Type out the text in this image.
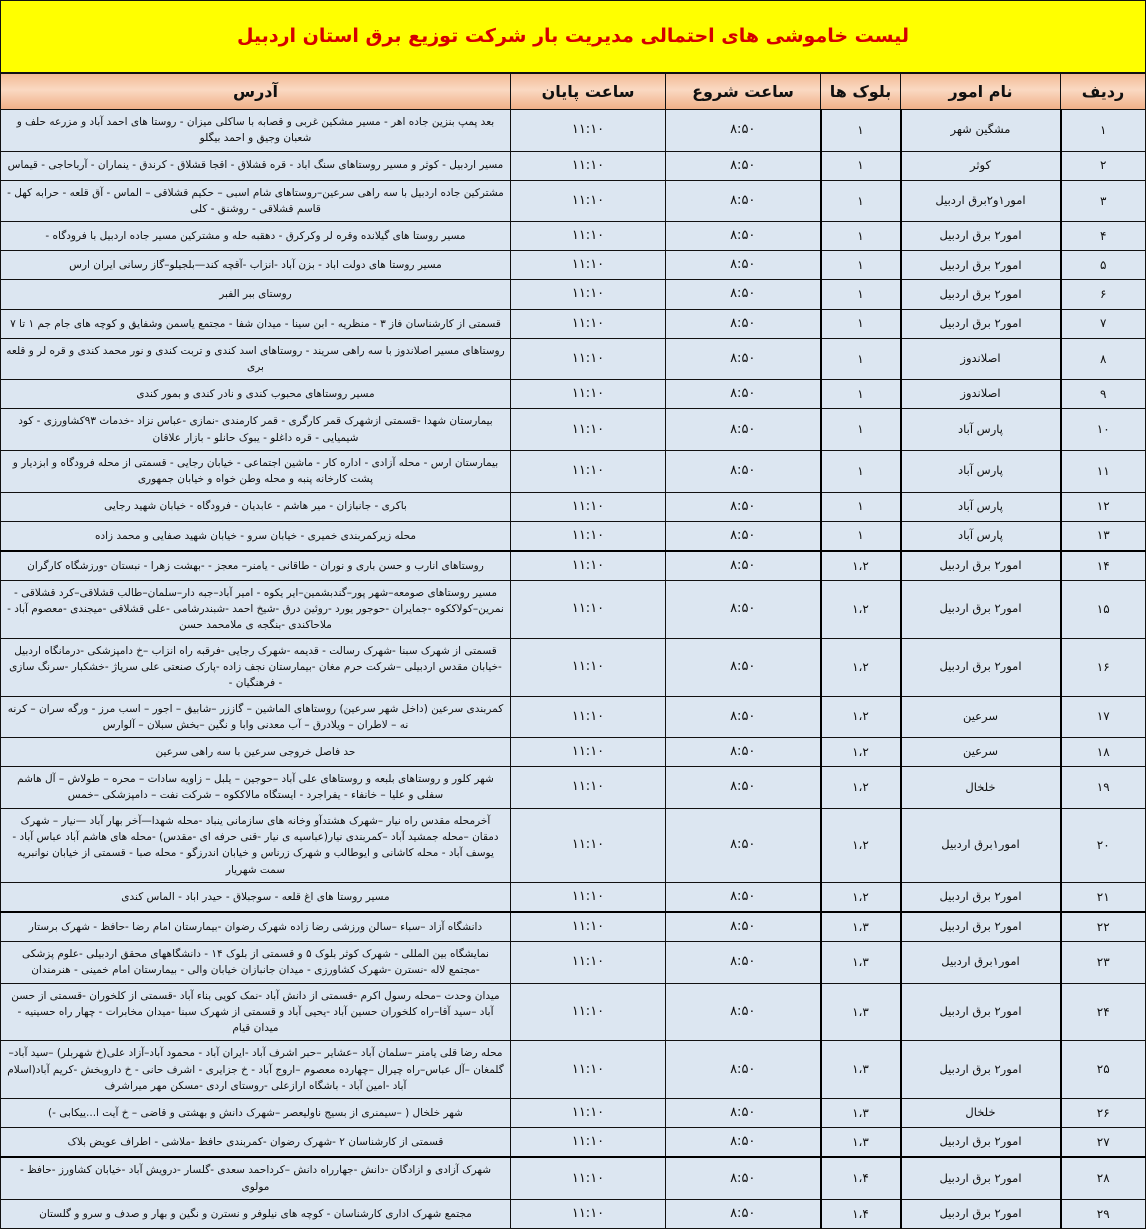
لیست خاموشی های احتمالی مدیریت بار شرکت توزیع برق استان اردبیل					

ردیف	نام امور	بلوک ها	ساعت شروع	ساعت پایان	آدرس
۱	مشگین شهر	۱	۸:۵۰	۱۱:۱۰	بعد پمپ بنزین جاده اهر - مسیر مشکین غربی و قصابه با ساکلی میزان - روستا های احمد آباد و مزرعه حلف و شعبان وجیق و احمد بیگلو
۲	کوثر	۱	۸:۵۰	۱۱:۱۰	مسیر اردبیل - کوثر و مسیر روستاهای سنگ اباد - قره قشلاق - اقجا قشلاق - کرندق - ینماران - آرباحاجی - قیماس
۳	امور۱و۲برق اردبیل	۱	۸:۵۰	۱۱:۱۰	مشترکین جاده اردبیل با سه راهی سرعین–روستاهای شام اسبی – حکیم قشلاقی – الماس - آق قلعه - حرابه کهل - قاسم قشلاقی - روشنق - کلی
۴	امور۲ برق اردبیل	۱	۸:۵۰	۱۱:۱۰	مسیر روستا های گیلانده وقره لر وکرکرق - دهقبه حله و مشترکین مسیر جاده اردبیل با فرودگاه -
۵	امور۲ برق اردبیل	۱	۸:۵۰	۱۱:۱۰	مسیر روستا های دولت اباد - بزن آباد -انزاب -آقچه کند—بلجیلو–گاز رسانی ایران ارس
۶	امور۲ برق اردبیل	۱	۸:۵۰	۱۱:۱۰	روستای ببر الفبر
۷	امور۲ برق اردبیل	۱	۸:۵۰	۱۱:۱۰	قسمتی از کارشناسان فاز ۳ - منظریه - ابن سینا - میدان شفا - مجتمع یاسمن وشفایق و کوچه های جام جم ۱ تا ۷
۸	اصلاندوز	۱	۸:۵۰	۱۱:۱۰	روستاهای مسیر اصلاندوز با سه راهی سریند - روستاهای اسد کندی و تربت کندی و نور محمد کندی و قره لر و قلعه بری
۹	اصلاندوز	۱	۸:۵۰	۱۱:۱۰	مسیر روستاهای محبوب کندی و نادر کندی و بمور کندی
۱۰	پارس آباد	۱	۸:۵۰	۱۱:۱۰	بیمارستان شهدا -قسمتی ازشهرک قمر کارگری - قمر کارمندی -نمازی -عباس نزاد -خدمات ۹۳کشاورزی - کود شیمیایی - قره داغلو - یبوک حانلو - بازار علاقان
۱۱	پارس آباد	۱	۸:۵۰	۱۱:۱۰	بیمارستان ارس - محله آزادی - اداره کار - ماشین اجتماعی - خیابان رجایی - قسمتی از محله فرودگاه و ابزدیار و پشت کارخانه پنبه و محله وطن خواه و خیابان جمهوری
۱۲	پارس آباد	۱	۸:۵۰	۱۱:۱۰	باکری - جانبازان - میر هاشم - عابدیان - فرودگاه - خیابان شهید رجایی
۱۳	پارس آباد	۱	۸:۵۰	۱۱:۱۰	محله زیرکمربندی خمیری - خیابان سرو - خیابان شهید صفایی و محمد زاده
۱۴	امور۲ برق اردبیل	۱،۲	۸:۵۰	۱۱:۱۰	روستاهای انارب و حسن باری و نوران - طاقانی - یامنر– معجز - -بهشت زهرا - نبستان -ورزشگاه کارگران
۱۵	امور۲ برق اردبیل	۱،۲	۸:۵۰	۱۱:۱۰	مسیر روستاهای صومعه–شهر پور–گندبشمین–ایر یکوه - امیر آباد–جبه دار–سلمان–طالب قشلاقی–کرد قشلاقی - نمرین–کولاککوه -جمایران -حوجور یورد -روئین درق -شیخ احمد -شبندرشامی -علی قشلاقی -میجندی -معصوم آباد - ملاحاکندی -بنگجه ی ملامحمد حسن
۱۶	امور۲ برق اردبیل	۱،۲	۸:۵۰	۱۱:۱۰	قسمتی از شهرک سبنا -شهرک رسالت - قدیمه -شهرک رجایی -فرقبه راه انزاب –خ دامپزشکی -درمانگاه اردبیل -خیابان مقدس اردبیلی –شرکت حرم مغان -بیمارستان نجف زاده -پارک صنعتی علی سریاژ -خشکبار -سرنگ سازی - فرهنگیان -
۱۷	سرعین	۱،۲	۸:۵۰	۱۱:۱۰	کمربندی سرعین (داخل شهر سرعین) روستاهای الماشین – گاززر –شابیق – اجور – اسب مرز - ورگه سران – کرنه نه – لاطران – ویلادرق – آب معدنی وابا و نگین –بخش سبلان – آلوارس
۱۸	سرعین	۱،۲	۸:۵۰	۱۱:۱۰	حد فاصل خروجی سرعین با سه راهی سرعین
۱۹	خلخال	۱،۲	۸:۵۰	۱۱:۱۰	شهر کلور و روستاهای بلبعه و روستاهای علی آباد –حوجین – یلبل – زاویه سادات – محره – طولاش – آل هاشم سفلی و علیا – خانفاء - یفراجرد - ایستگاه مالاککوه – شرکت نفت – دامپزشکی –خمس
۲۰	امور۱برق اردبیل	۱،۲	۸:۵۰	۱۱:۱۰	آخرمحله مقدس راه نیار –شهرک هشتدآو وخانه های سازمانی ینباد -محله شهدا—آخر بهار آباد —نیار – شهرک دمقان –محله جمشید آباد –کمربندی نیار(عباسیه ی نیار -قنی حرفه ای -مقدس) -محله های هاشم آباد عباس آباد - یوسف آباد - محله کاشانی و ایوطالب و شهرک زرناس و خیابان اندرزگو - محله صبا - قسمتی از خیابان نوانبریه سمت شهریار
۲۱	امور۲ برق اردبیل	۱،۲	۸:۵۰	۱۱:۱۰	مسیر روستا های اغ قلعه - سوجبلاق - حیدر اباد - الماس کندی
۲۲	امور۲ برق اردبیل	۱،۳	۸:۵۰	۱۱:۱۰	دانشگاه آزاد –سباء –سالن ورزشی رضا زاده شهرک رضوان -بیمارستان امام رضا -حافظ - شهرک برستار
۲۳	امور۱برق اردبیل	۱،۳	۸:۵۰	۱۱:۱۰	نمایشگاه بین المللی - شهرک کوثر بلوک ۵ و قسمتی از بلوک ۱۴ - دانشگاههای محقق اردبیلی -علوم پزشکی -مجتمع لاله -نسترن -شهرک کشاورزی - میدان جانبازان خیابان والی - بیمارستان امام خمینی - هنرمندان
۲۴	امور۲ برق اردبیل	۱،۳	۸:۵۰	۱۱:۱۰	میدان وحدت –محله رسول اکرم -قسمتی از دانش آباد -نمک کویی بناء آباد -قسمتی از کلخوران -قسمتی از حسن آباد –سید آقا–راه کلخوران حسین آباد -یحیی آباد و قسمتی از شهرک سبنا -میدان مخابرات - چهار راه حسینیه - میدان قیام
۲۵	امور۲ برق اردبیل	۱،۳	۸:۵۰	۱۱:۱۰	محله رضا قلی یامنر –سلمان آباد –عشایر –حبر اشرف آباد -ایران آباد - محمود آباد–آزاد علی(خ شهربلر) –سید آباد–گلمغان –آل عباس–راه چیرال –چهارده معصوم –اروج آباد - خ جزایری - اشرف حانی - خ داروبخش -کریم آباد(اسلام آباد -امین آباد - باشگاه ارازعلی -روستای اردی -مسکن مهر میراشرف
۲۶	خلخال	۱،۳	۸:۵۰	۱۱:۱۰	شهر خلخال ( –سیمنری از بسیج ناولیعصر –شهرک دانش و بهشتی و قاضی – خ آیت ا...ییکابی -)
۲۷	امور۲ برق اردبیل	۱،۳	۸:۵۰	۱۱:۱۰	قسمتی از کارشناسان ۲ -شهرک رضوان -کمربندی حافظ -ملاشی - اطراف عویض بلاک
۲۸	امور۲ برق اردبیل	۱،۴	۸:۵۰	۱۱:۱۰	شهرک آزادی و ازادگان -دانش -جهارراه دانش –کرداحمد سعدی -گلسار -درویش آباد -خیابان کشاورز -حافظ - مولوی
۲۹	امور۲ برق اردبیل	۱،۴	۸:۵۰	۱۱:۱۰	مجتمع شهرک اداری کارشناسان - کوچه های نیلوفر و نسترن و نگین و بهار و صدف و سرو و گلستان
